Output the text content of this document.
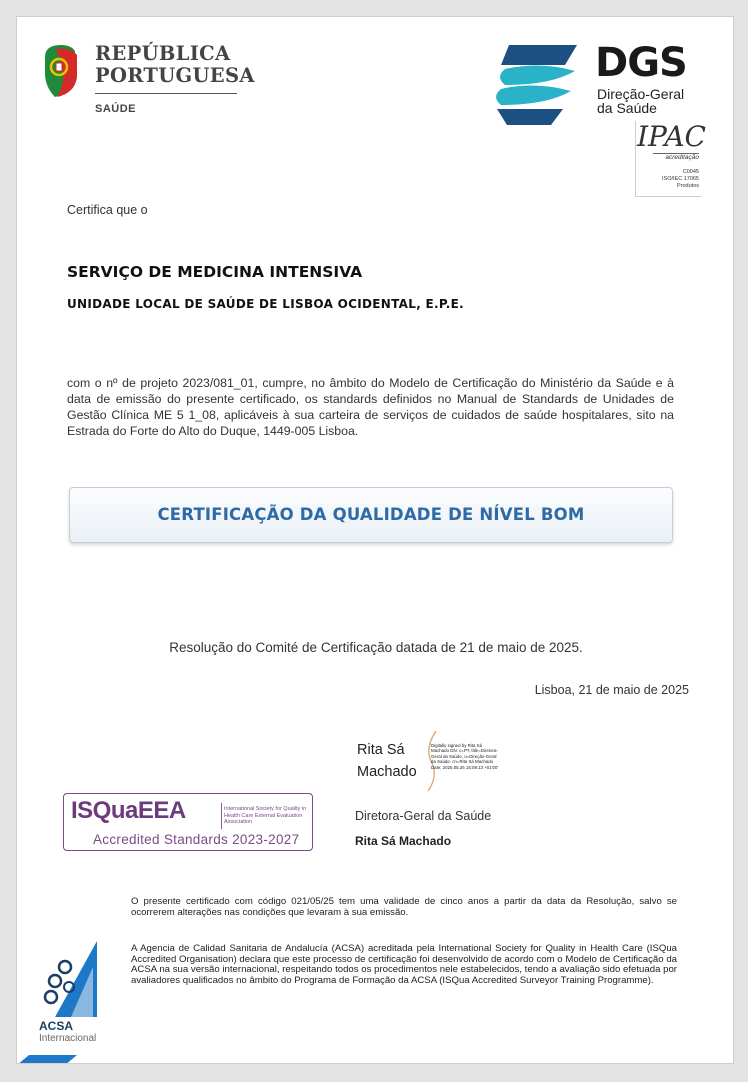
REPÚBLICA
PORTUGUESA
SAÚDE
DGS
Direção-Geral
da Saúde
IPAC
acreditação
C0045
ISO/IEC 17065
Produtos
Certifica que o
SERVIÇO DE MEDICINA INTENSIVA
UNIDADE LOCAL DE SAÚDE DE LISBOA OCIDENTAL, E.P.E.
com o nº de projeto 2023/081_01, cumpre, no âmbito do Modelo de Certificação do Ministério da Saúde e à data de emissão do presente certificado, os standards definidos no Manual de Standards de Unidades de Gestão Clínica ME 5 1_08, aplicáveis à sua carteira de serviços de cuidados de saúde hospitalares, sito na Estrada do Forte do Alto do Duque, 1449-005 Lisboa.
CERTIFICAÇÃO DA QUALIDADE DE NÍVEL BOM
Resolução do Comité de Certificação datada de 21 de maio de 2025.
Lisboa, 21 de maio de 2025
Rita Sá
Machado
Digitally signed by Rita Sá Machado DN: c=PT, title=Diretora-Geral da Saúde, o=Direção-Geral da Saúde, cn=Rita Sá Machado Date: 2025.05.26 15:09:13 +01'00'
ISQuaEEA	International Society for Quality in Health Care External Evaluation Association
Accredited Standards 2023-2027
Diretora-Geral da Saúde
Rita Sá Machado
O presente certificado com código 021/05/25 tem uma validade de cinco anos a partir da data da Resolução, salvo se ocorrerem alterações nas condições que levaram à sua emissão.
A Agencia de Calidad Sanitaria de Andalucía (ACSA) acreditada pela International Society for Quality in Health Care (ISQua Accredited Organisation) declara que este processo de certificação foi desenvolvido de acordo com o Modelo de Certificação da ACSA na sua versão internacional, respeitando todos os procedimentos nele estabelecidos, tendo a avaliação sido efetuada por avaliadores qualificados no âmbito do Programa de Formação da ACSA (ISQua Accredited Surveyor Training Programme).
ACSA
Internacional
